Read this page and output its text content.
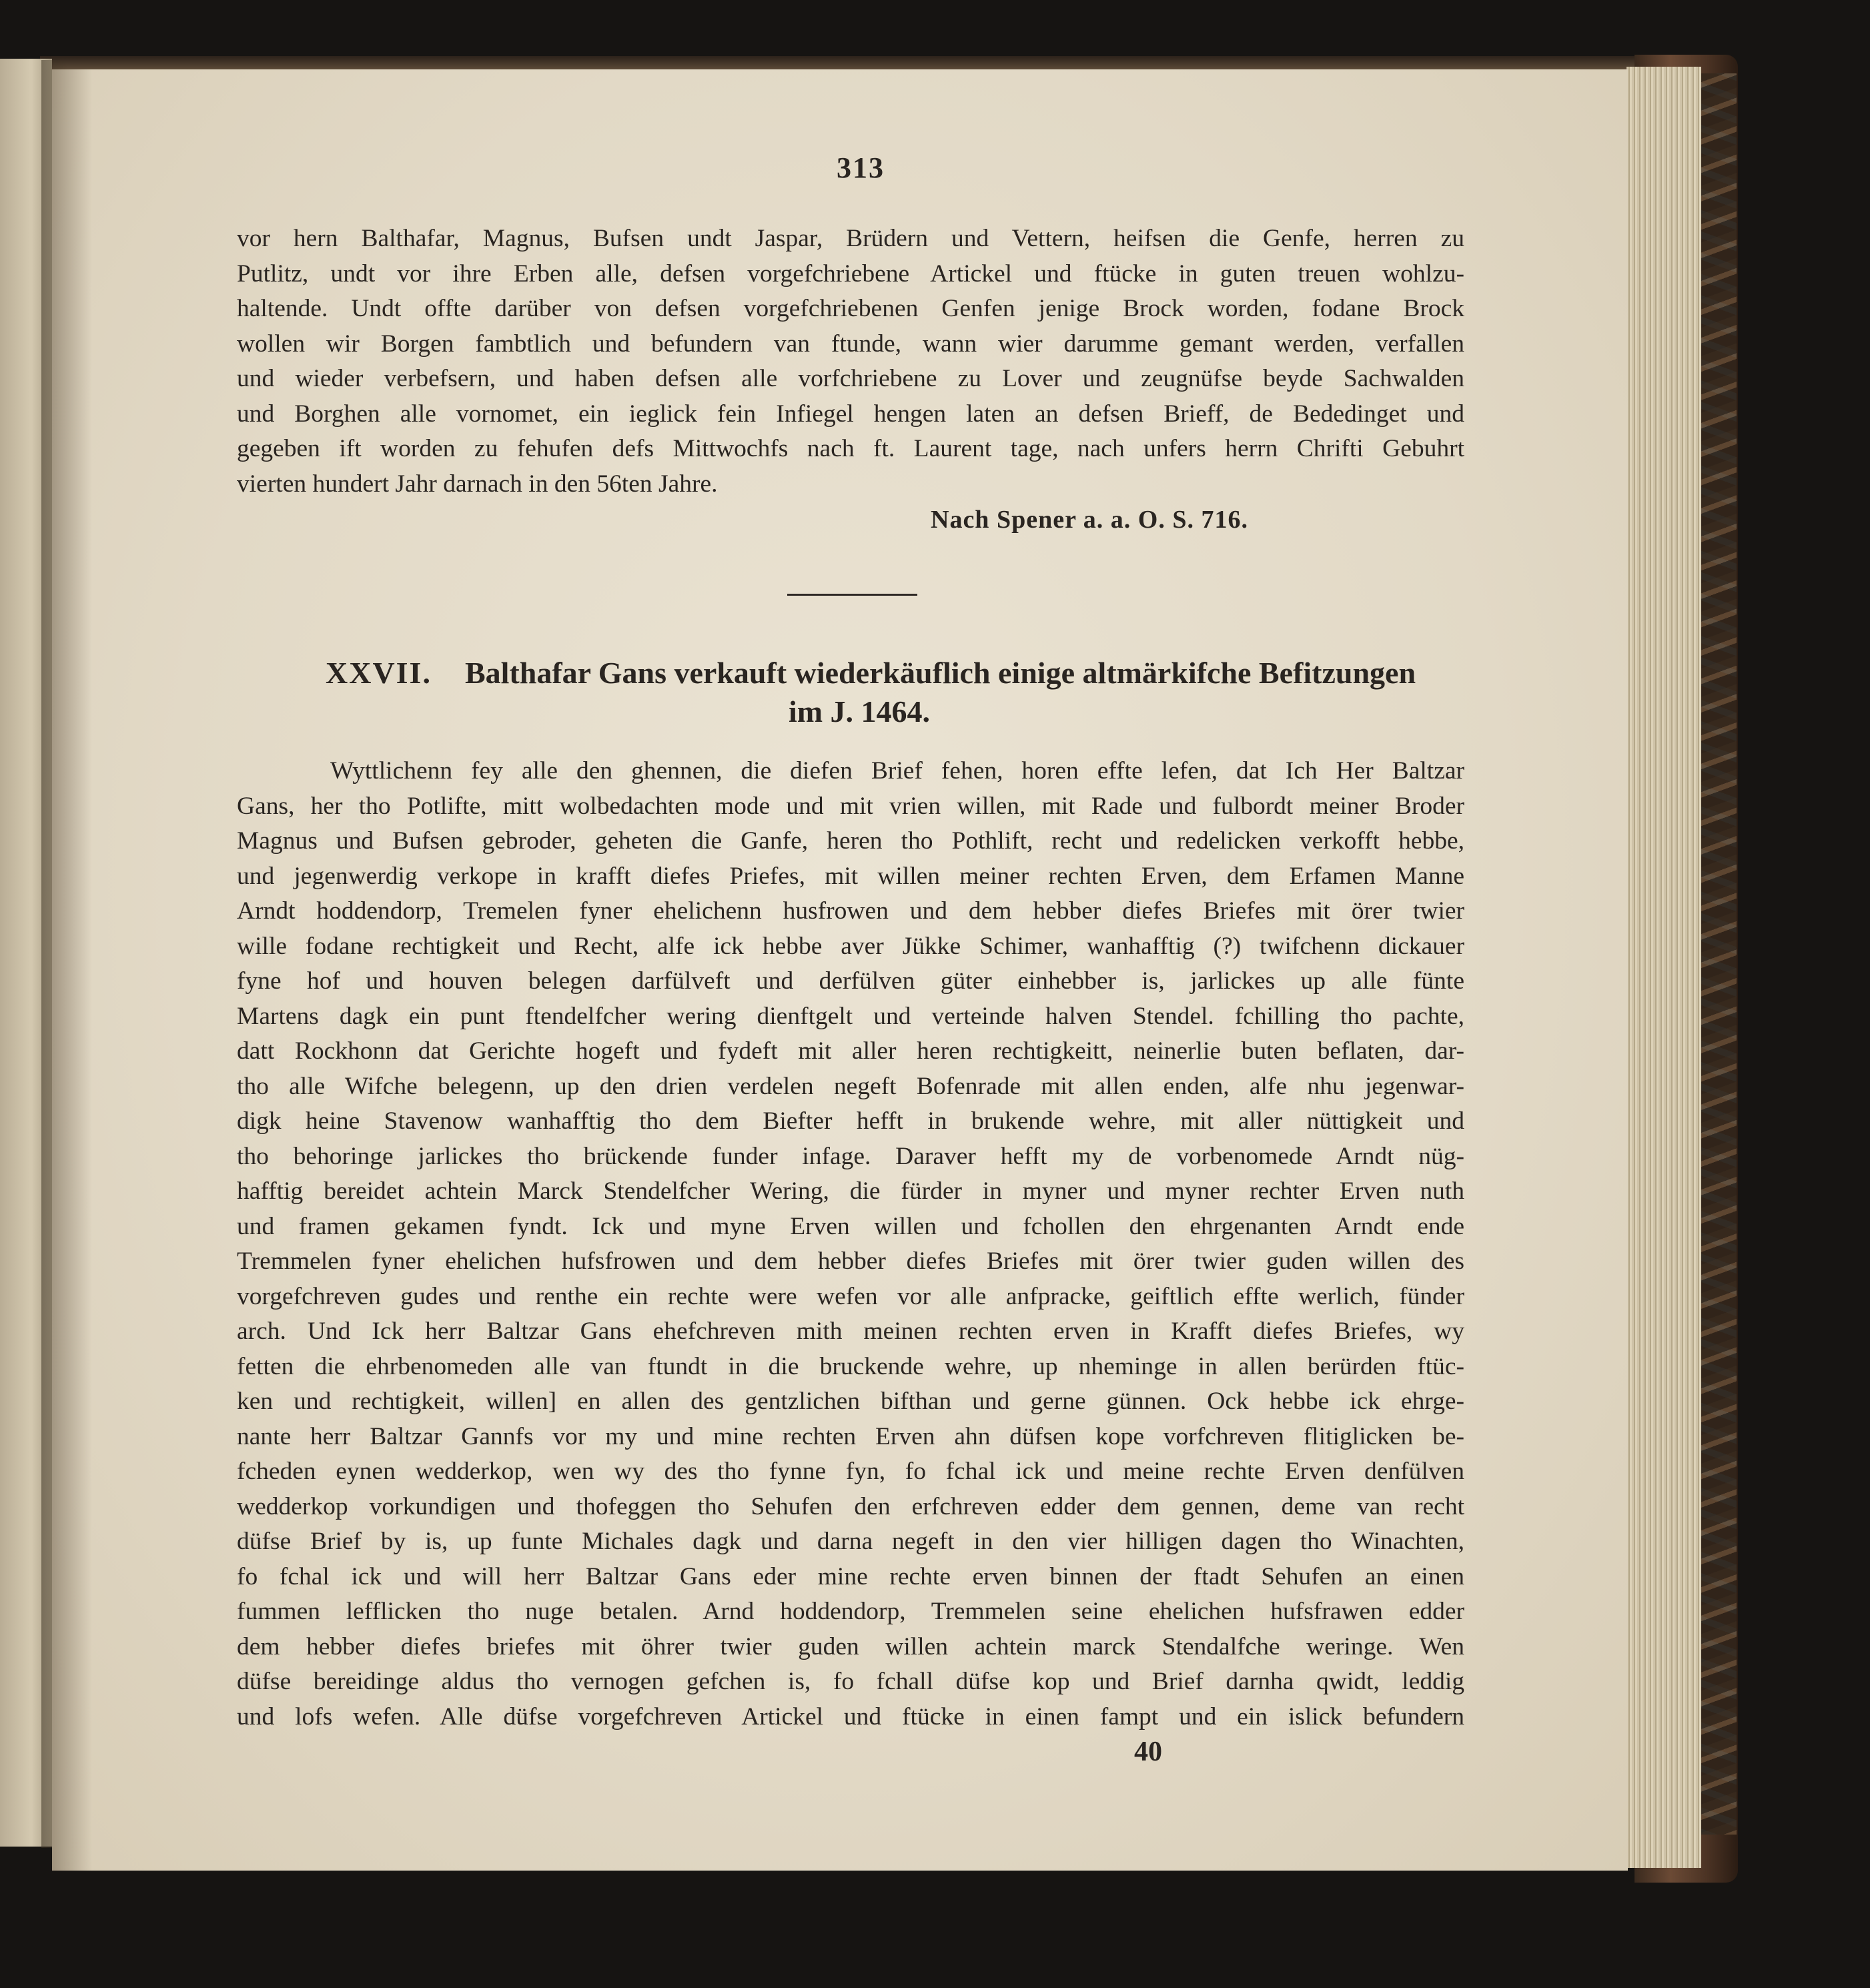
313
vor hern Balthafar, Magnus, Bufsen undt Jaspar, Brüdern und Vettern, heifsen die Genfe, herren zu
Putlitz, undt vor ihre Erben alle, defsen vorgefchriebene Artickel und ftücke in guten treuen wohlzu-
haltende. Undt offte darüber von defsen vorgefchriebenen Genfen jenige Brock worden, fodane Brock
wollen wir Borgen fambtlich und befundern van ftunde, wann wier darumme gemant werden, verfallen
und wieder verbefsern, und haben defsen alle vorfchriebene zu Lover und zeugnüfse beyde Sachwalden
und Borghen alle vornomet, ein ieglick fein Infiegel hengen laten an defsen Brieff, de Bededinget und
gegeben ift worden zu fehufen defs Mittwochfs nach ft. Laurent tage, nach unfers herrn Chrifti Gebuhrt
vierten hundert Jahr darnach in den 56ten Jahre.
Nach Spener a. a. O. S. 716.
XXVII. Balthafar Gans verkauft wiederkäuflich einige altmärkifche Befitzungen
im J. 1464.
Wyttlichenn fey alle den ghennen, die diefen Brief fehen, horen effte lefen, dat Ich Her Baltzar
Gans, her tho Potlifte, mitt wolbedachten mode und mit vrien willen, mit Rade und fulbordt meiner Broder
Magnus und Bufsen gebroder, geheten die Ganfe, heren tho Pothlift, recht und redelicken verkofft hebbe,
und jegenwerdig verkope in krafft diefes Priefes, mit willen meiner rechten Erven, dem Erfamen Manne
Arndt hoddendorp, Tremelen fyner ehelichenn husfrowen und dem hebber diefes Briefes mit örer twier
wille fodane rechtigkeit und Recht, alfe ick hebbe aver Jükke Schimer, wanhafftig (?) twifchenn dickauer
fyne hof und houven belegen darfülveft und derfülven güter einhebber is, jarlickes up alle fünte
Martens dagk ein punt ftendelfcher wering dienftgelt und verteinde halven Stendel. fchilling tho pachte,
datt Rockhonn dat Gerichte hogeft und fydeft mit aller heren rechtigkeitt, neinerlie buten beflaten, dar-
tho alle Wifche belegenn, up den drien verdelen negeft Bofenrade mit allen enden, alfe nhu jegenwar-
digk heine Stavenow wanhafftig tho dem Biefter hefft in brukende wehre, mit aller nüttigkeit und
tho behoringe jarlickes tho brückende funder infage. Daraver hefft my de vorbenomede Arndt nüg-
hafftig bereidet achtein Marck Stendelfcher Wering, die fürder in myner und myner rechter Erven nuth
und framen gekamen fyndt. Ick und myne Erven willen und fchollen den ehrgenanten Arndt ende
Tremmelen fyner ehelichen hufsfrowen und dem hebber diefes Briefes mit örer twier guden willen des
vorgefchreven gudes und renthe ein rechte were wefen vor alle anfpracke, geiftlich effte werlich, fünder
arch. Und Ick herr Baltzar Gans ehefchreven mith meinen rechten erven in Krafft diefes Briefes, wy
fetten die ehrbenomeden alle van ftundt in die bruckende wehre, up nheminge in allen berürden ftüc-
ken und rechtigkeit, willen] en allen des gentzlichen bifthan und gerne günnen. Ock hebbe ick ehrge-
nante herr Baltzar Gannfs vor my und mine rechten Erven ahn düfsen kope vorfchreven flitiglicken be-
fcheden eynen wedderkop, wen wy des tho fynne fyn, fo fchal ick und meine rechte Erven denfülven
wedderkop vorkundigen und thofeggen tho Sehufen den erfchreven edder dem gennen, deme van recht
düfse Brief by is, up funte Michales dagk und darna negeft in den vier hilligen dagen tho Winachten,
fo fchal ick und will herr Baltzar Gans eder mine rechte erven binnen der ftadt Sehufen an einen
fummen lefflicken tho nuge betalen. Arnd hoddendorp, Tremmelen seine ehelichen hufsfrawen edder
dem hebber diefes briefes mit öhrer twier guden willen achtein marck Stendalfche weringe. Wen
düfse bereidinge aldus tho vernogen gefchen is, fo fchall düfse kop und Brief darnha qwidt, leddig
und lofs wefen. Alle düfse vorgefchreven Artickel und ftücke in einen fampt und ein islick befundern
40
